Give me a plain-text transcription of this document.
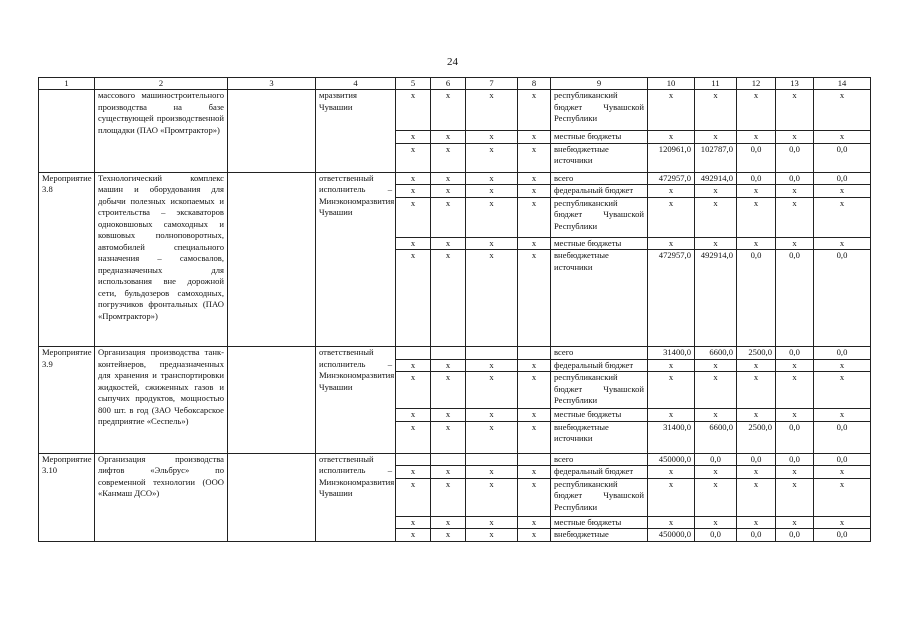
24
1	2	3	4	5	6	7	8	9	10	11	12	13	14
	массового машиностроительного производства на базе существующей производственной площадки (ПАО «Промтрактор»)		мразвития Чувашии	x	x	x	x	республиканский бюджет Чувашской Республики	x	x	x	x	x
				x	x	x	x	местные бюджеты	x	x	x	x	x
				x	x	x	x	внебюджетные источники	120961,0	102787,0	0,0	0,0	0,0
Мероприятие 3.8	Технологический комплекс машин и оборудования для добычи полезных ископаемых и строительства – экскаваторов одноковшовых самоходных и ковшовых полноповоротных, автомобилей специального назначения – самосвалов, предназначенных для использования вне дорожной сети, бульдозеров самоходных, погрузчиков фронтальных (ПАО «Промтрактор»)		ответственный исполнитель – Минэкономразвития Чувашии	x	x	x	x	всего	472957,0	492914,0	0,0	0,0	0,0
				x	x	x	x	федеральный бюджет	x	x	x	x	x
				x	x	x	x	республиканский бюджет Чувашской Республики	x	x	x	x	x
				x	x	x	x	местные бюджеты	x	x	x	x	x
				x	x	x	x	внебюджетные источники	472957,0	492914,0	0,0	0,0	0,0
Мероприятие 3.9	Организация производства танк-контейнеров, предназначенных для хранения и транспортировки жидкостей, сжиженных газов и сыпучих продуктов, мощностью 800 шт. в год (ЗАО Чебоксарское предприятие «Сеспель»)		ответственный исполнитель – Минэкономразвития Чувашии					всего	31400,0	6600,0	2500,0	0,0	0,0
				x	x	x	x	федеральный бюджет	x	x	x	x	x
				x	x	x	x	республиканский бюджет Чувашской Республики	x	x	x	x	x
				x	x	x	x	местные бюджеты	x	x	x	x	x
				x	x	x	x	внебюджетные источники	31400,0	6600,0	2500,0	0,0	0,0
Мероприятие 3.10	Организация производства лифтов «Эльбрус» по современной технологии (ООО «Канмаш ДСО»)		ответственный исполнитель – Минэкономразвития Чувашии					всего	450000,0	0,0	0,0	0,0	0,0
				x	x	x	x	федеральный бюджет	x	x	x	x	x
				x	x	x	x	республиканский бюджет Чувашской Республики	x	x	x	x	x
				x	x	x	x	местные бюджеты	x	x	x	x	x
				x	x	x	x	внебюджетные	450000,0	0,0	0,0	0,0	0,0
